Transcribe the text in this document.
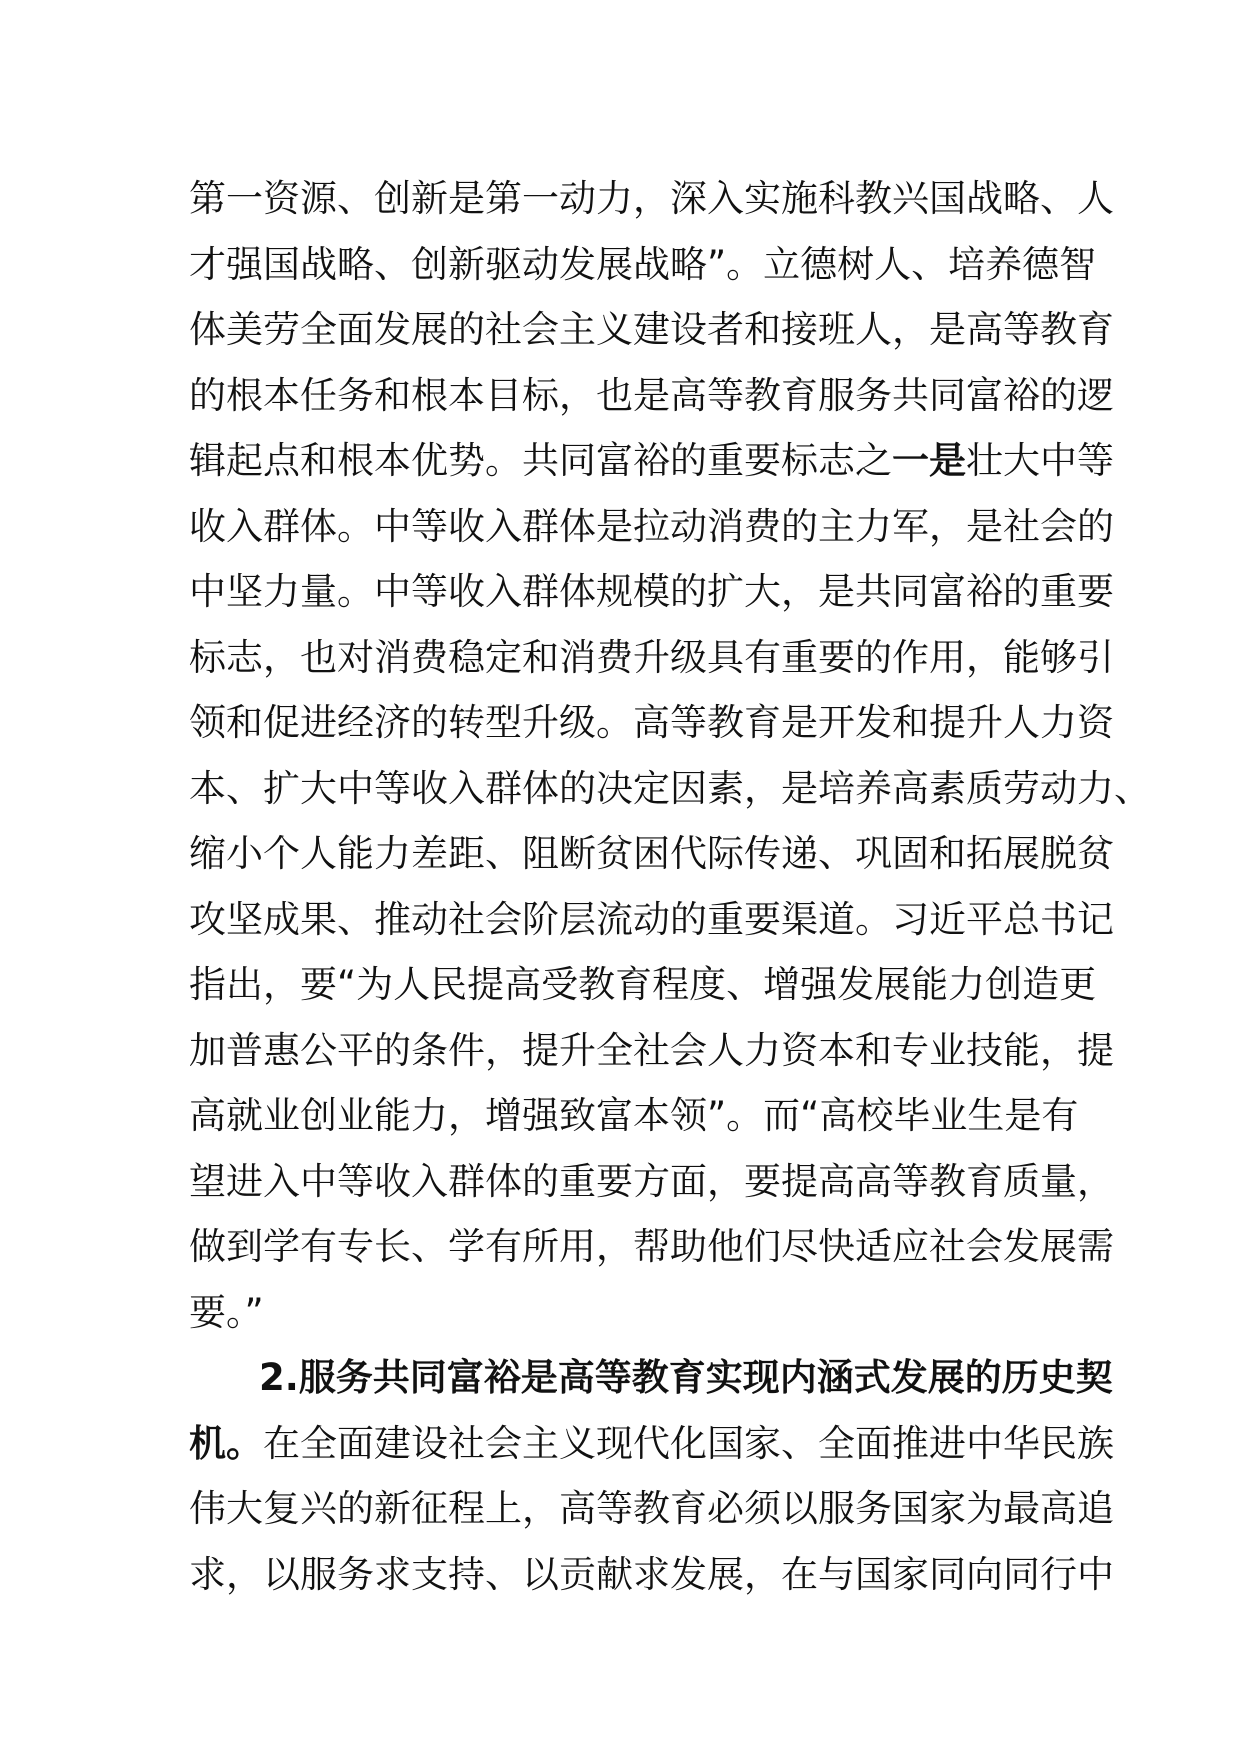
第一资源、创新是第一动力，深入实施科教兴国战略、人
才强国战略、创新驱动发展战略”。立德树人、培养德智
体美劳全面发展的社会主义建设者和接班人，是高等教育
的根本任务和根本目标，也是高等教育服务共同富裕的逻
辑起点和根本优势。共同富裕的重要标志之一是壮大中等
收入群体。中等收入群体是拉动消费的主力军，是社会的
中坚力量。中等收入群体规模的扩大，是共同富裕的重要
标志，也对消费稳定和消费升级具有重要的作用，能够引
领和促进经济的转型升级。高等教育是开发和提升人力资
本、扩大中等收入群体的决定因素，是培养高素质劳动力、
缩小个人能力差距、阻断贫困代际传递、巩固和拓展脱贫
攻坚成果、推动社会阶层流动的重要渠道。习近平总书记
指出，要“为人民提高受教育程度、增强发展能力创造更
加普惠公平的条件，提升全社会人力资本和专业技能，提
高就业创业能力，增强致富本领”。而“高校毕业生是有
望进入中等收入群体的重要方面，要提高高等教育质量，
做到学有专长、学有所用，帮助他们尽快适应社会发展需
要。”
2.服务共同富裕是高等教育实现内涵式发展的历史契
机。在全面建设社会主义现代化国家、全面推进中华民族
伟大复兴的新征程上，高等教育必须以服务国家为最高追
求，以服务求支持、以贡献求发展，在与国家同向同行中
